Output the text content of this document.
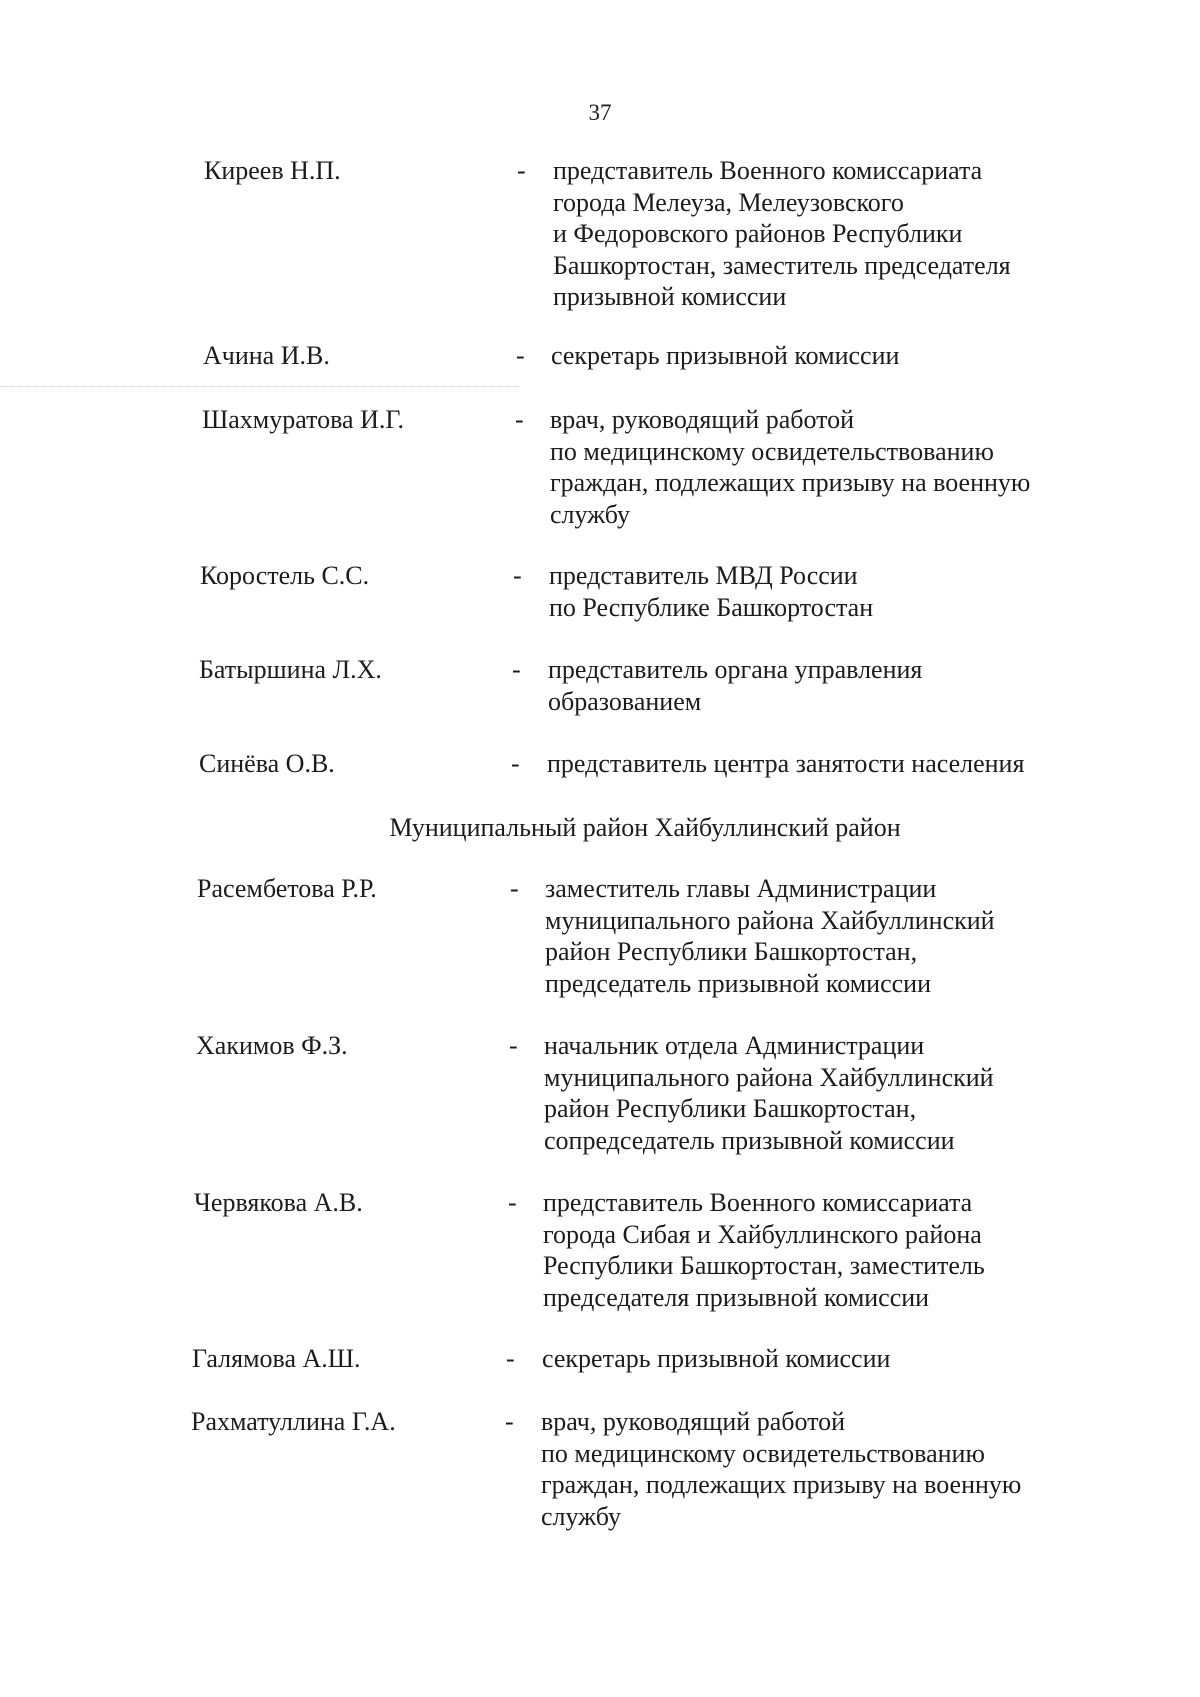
37
Киреев Н.П.	- представитель Военного комиссариата
города Мелеуза, Мелеузовского
и Федоровского районов Республики
Башкортостан, заместитель председателя
призывной комиссии
Ачина И.В.	- секретарь призывной комиссии
Шахмуратова И.Г.	- врач, руководящий работой
по медицинскому освидетельствованию
граждан, подлежащих призыву на военную
службу
Коростель С.С.	- представитель МВД России
по Республике Башкортостан
Батыршина Л.Х.	- представитель органа управления
образованием
Синёва О.В.	- представитель центра занятости населения
Муниципальный район Хайбуллинский район
Расембетова Р.Р.	- заместитель главы Администрации
муниципального района Хайбуллинский
район Республики Башкортостан,
председатель призывной комиссии
Хакимов Ф.З.	- начальник отдела Администрации
муниципального района Хайбуллинский
район Республики Башкортостан,
сопредседатель призывной комиссии
Червякова А.В.	- представитель Военного комиссариата
города Сибая и Хайбуллинского района
Республики Башкортостан, заместитель
председателя призывной комиссии
Галямова А.Ш.	- секретарь призывной комиссии
Рахматуллина Г.А.	- врач, руководящий работой
по медицинскому освидетельствованию
граждан, подлежащих призыву на военную
службу
